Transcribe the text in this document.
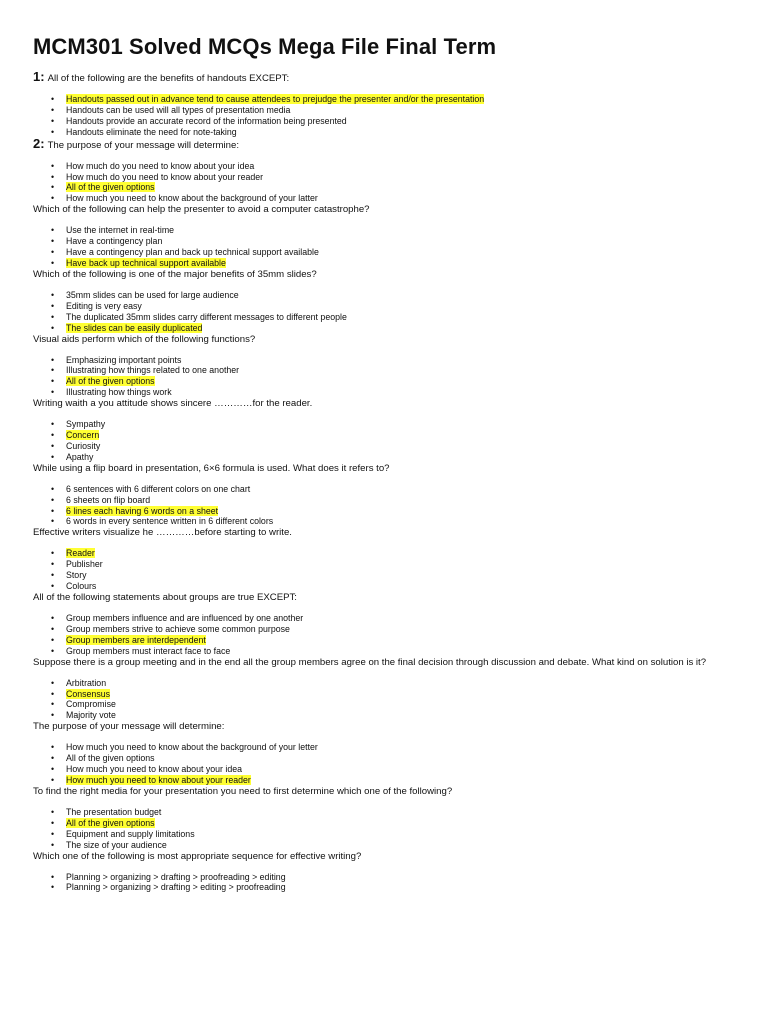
MCM301 Solved MCQs Mega File Final Term

1: All of the following are the benefits of handouts EXCEPT:

• Handouts passed out in advance tend to cause attendees to prejudge the presenter and/or the presentation
• Handouts can be used will all types of presentation media
• Handouts provide an accurate record of the information being presented
• Handouts eliminate the need for note-taking

2: The purpose of your message will determine:

• How much do you need to know about your idea
• How much do you need to know about your reader
• All of the given options
• How much you need to know about the background of your latter

Which of the following can help the presenter to avoid a computer catastrophe?

• Use the internet in real-time
• Have a contingency plan
• Have a contingency plan and back up technical support available
• Have back up technical support available

Which of the following is one of the major benefits of 35mm slides?

• 35mm slides can be used for large audience
• Editing is very easy
• The duplicated 35mm slides carry different messages to different people
• The slides can be easily duplicated

Visual aids perform which of the following functions?

• Emphasizing important points
• Illustrating how things related to one another
• All of the given options
• Illustrating how things work

Writing waith a you attitude shows sincere …………for the reader.

• Sympathy
• Concern
• Curiosity
• Apathy

While using a flip board in presentation, 6×6 formula is used. What does it refers to?

• 6 sentences with 6 different colors on one chart
• 6 sheets on flip board
• 6 lines each having 6 words on a sheet
• 6 words in every sentence written in 6 different colors

Effective writers visualize he …………before starting to write.

• Reader
• Publisher
• Story
• Colours

All of the following statements about groups are true EXCEPT:

• Group members influence and are influenced by one another
• Group members strive to achieve some common purpose
• Group members are interdependent
• Group members must interact face to face

Suppose there is a group meeting and in the end all the group members agree on the final decision through discussion and debate. What kind on solution is it?

• Arbitration
• Consensus
• Compromise
• Majority vote

The purpose of your message will determine:

• How much you need to know about the background of your letter
• All of the given options
• How much you need to know about your idea
• How much you need to know about your reader

To find the right media for your presentation you need to first determine which one of the following?

• The presentation budget
• All of the given options
• Equipment and supply limitations
• The size of your audience

Which one of the following is most appropriate sequence for effective writing?

• Planning > organizing > drafting > proofreading > editing
• Planning > organizing > drafting > editing > proofreading
